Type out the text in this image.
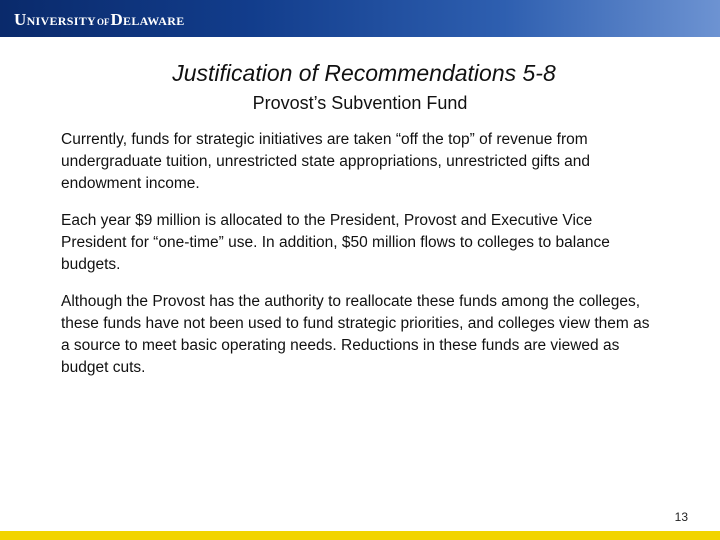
UNIVERSITYOFDELAWARE
Justification of Recommendations 5-8
Provost’s Subvention Fund

Currently, funds for strategic initiatives are taken “off the top” of revenue from undergraduate tuition, unrestricted state appropriations, unrestricted gifts and endowment income.

Each year $9 million is allocated to the President, Provost and Executive Vice President for “one-time” use. In addition, $50 million flows to colleges to balance budgets.

Although the Provost has the authority to reallocate these funds among the colleges, these funds have not been used to fund strategic priorities, and colleges view them as a source to meet basic operating needs. Reductions in these funds are viewed as budget cuts.

13
